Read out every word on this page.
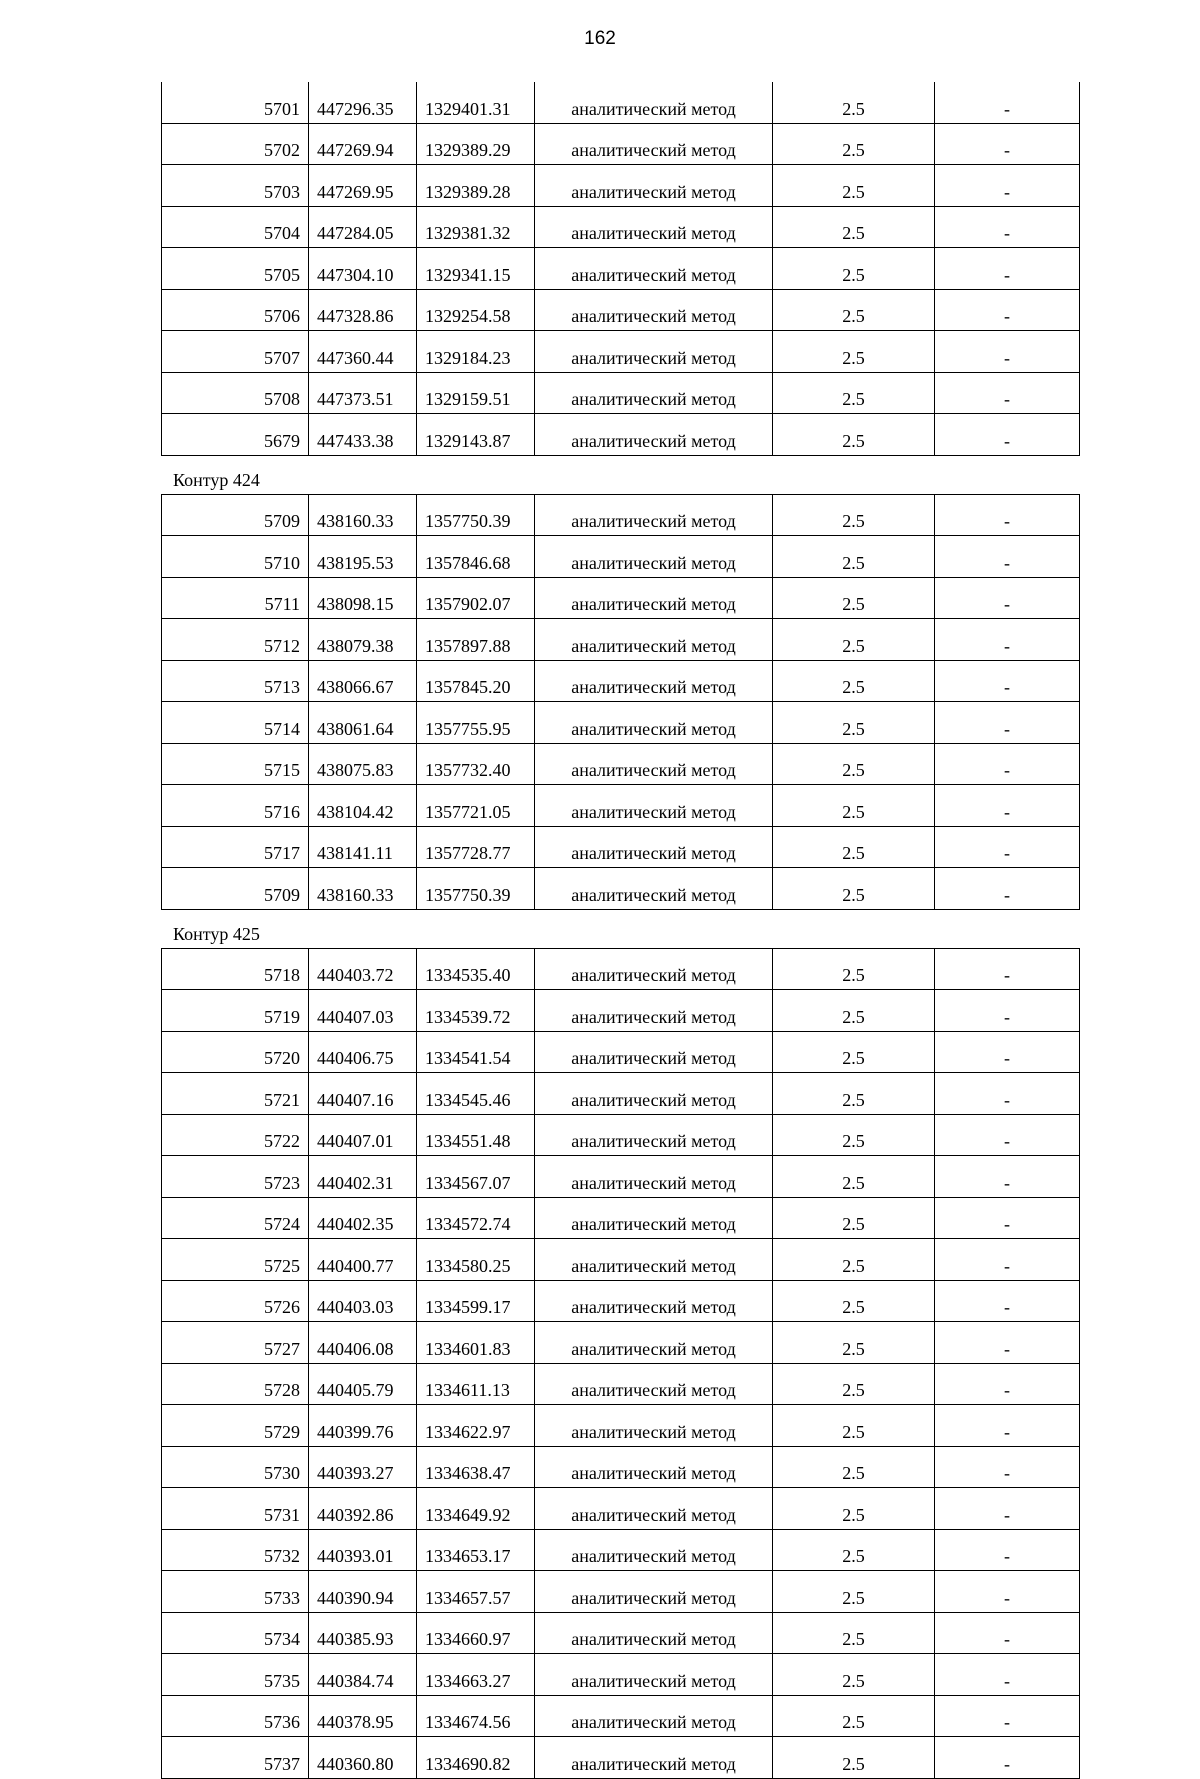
162
5701	447296.35	1329401.31	аналитический метод	2.5	-
5702	447269.94	1329389.29	аналитический метод	2.5	-
5703	447269.95	1329389.28	аналитический метод	2.5	-
5704	447284.05	1329381.32	аналитический метод	2.5	-
5705	447304.10	1329341.15	аналитический метод	2.5	-
5706	447328.86	1329254.58	аналитический метод	2.5	-
5707	447360.44	1329184.23	аналитический метод	2.5	-
5708	447373.51	1329159.51	аналитический метод	2.5	-
5679	447433.38	1329143.87	аналитический метод	2.5	-
Контур 424
5709	438160.33	1357750.39	аналитический метод	2.5	-
5710	438195.53	1357846.68	аналитический метод	2.5	-
5711	438098.15	1357902.07	аналитический метод	2.5	-
5712	438079.38	1357897.88	аналитический метод	2.5	-
5713	438066.67	1357845.20	аналитический метод	2.5	-
5714	438061.64	1357755.95	аналитический метод	2.5	-
5715	438075.83	1357732.40	аналитический метод	2.5	-
5716	438104.42	1357721.05	аналитический метод	2.5	-
5717	438141.11	1357728.77	аналитический метод	2.5	-
5709	438160.33	1357750.39	аналитический метод	2.5	-
Контур 425
5718	440403.72	1334535.40	аналитический метод	2.5	-
5719	440407.03	1334539.72	аналитический метод	2.5	-
5720	440406.75	1334541.54	аналитический метод	2.5	-
5721	440407.16	1334545.46	аналитический метод	2.5	-
5722	440407.01	1334551.48	аналитический метод	2.5	-
5723	440402.31	1334567.07	аналитический метод	2.5	-
5724	440402.35	1334572.74	аналитический метод	2.5	-
5725	440400.77	1334580.25	аналитический метод	2.5	-
5726	440403.03	1334599.17	аналитический метод	2.5	-
5727	440406.08	1334601.83	аналитический метод	2.5	-
5728	440405.79	1334611.13	аналитический метод	2.5	-
5729	440399.76	1334622.97	аналитический метод	2.5	-
5730	440393.27	1334638.47	аналитический метод	2.5	-
5731	440392.86	1334649.92	аналитический метод	2.5	-
5732	440393.01	1334653.17	аналитический метод	2.5	-
5733	440390.94	1334657.57	аналитический метод	2.5	-
5734	440385.93	1334660.97	аналитический метод	2.5	-
5735	440384.74	1334663.27	аналитический метод	2.5	-
5736	440378.95	1334674.56	аналитический метод	2.5	-
5737	440360.80	1334690.82	аналитический метод	2.5	-
